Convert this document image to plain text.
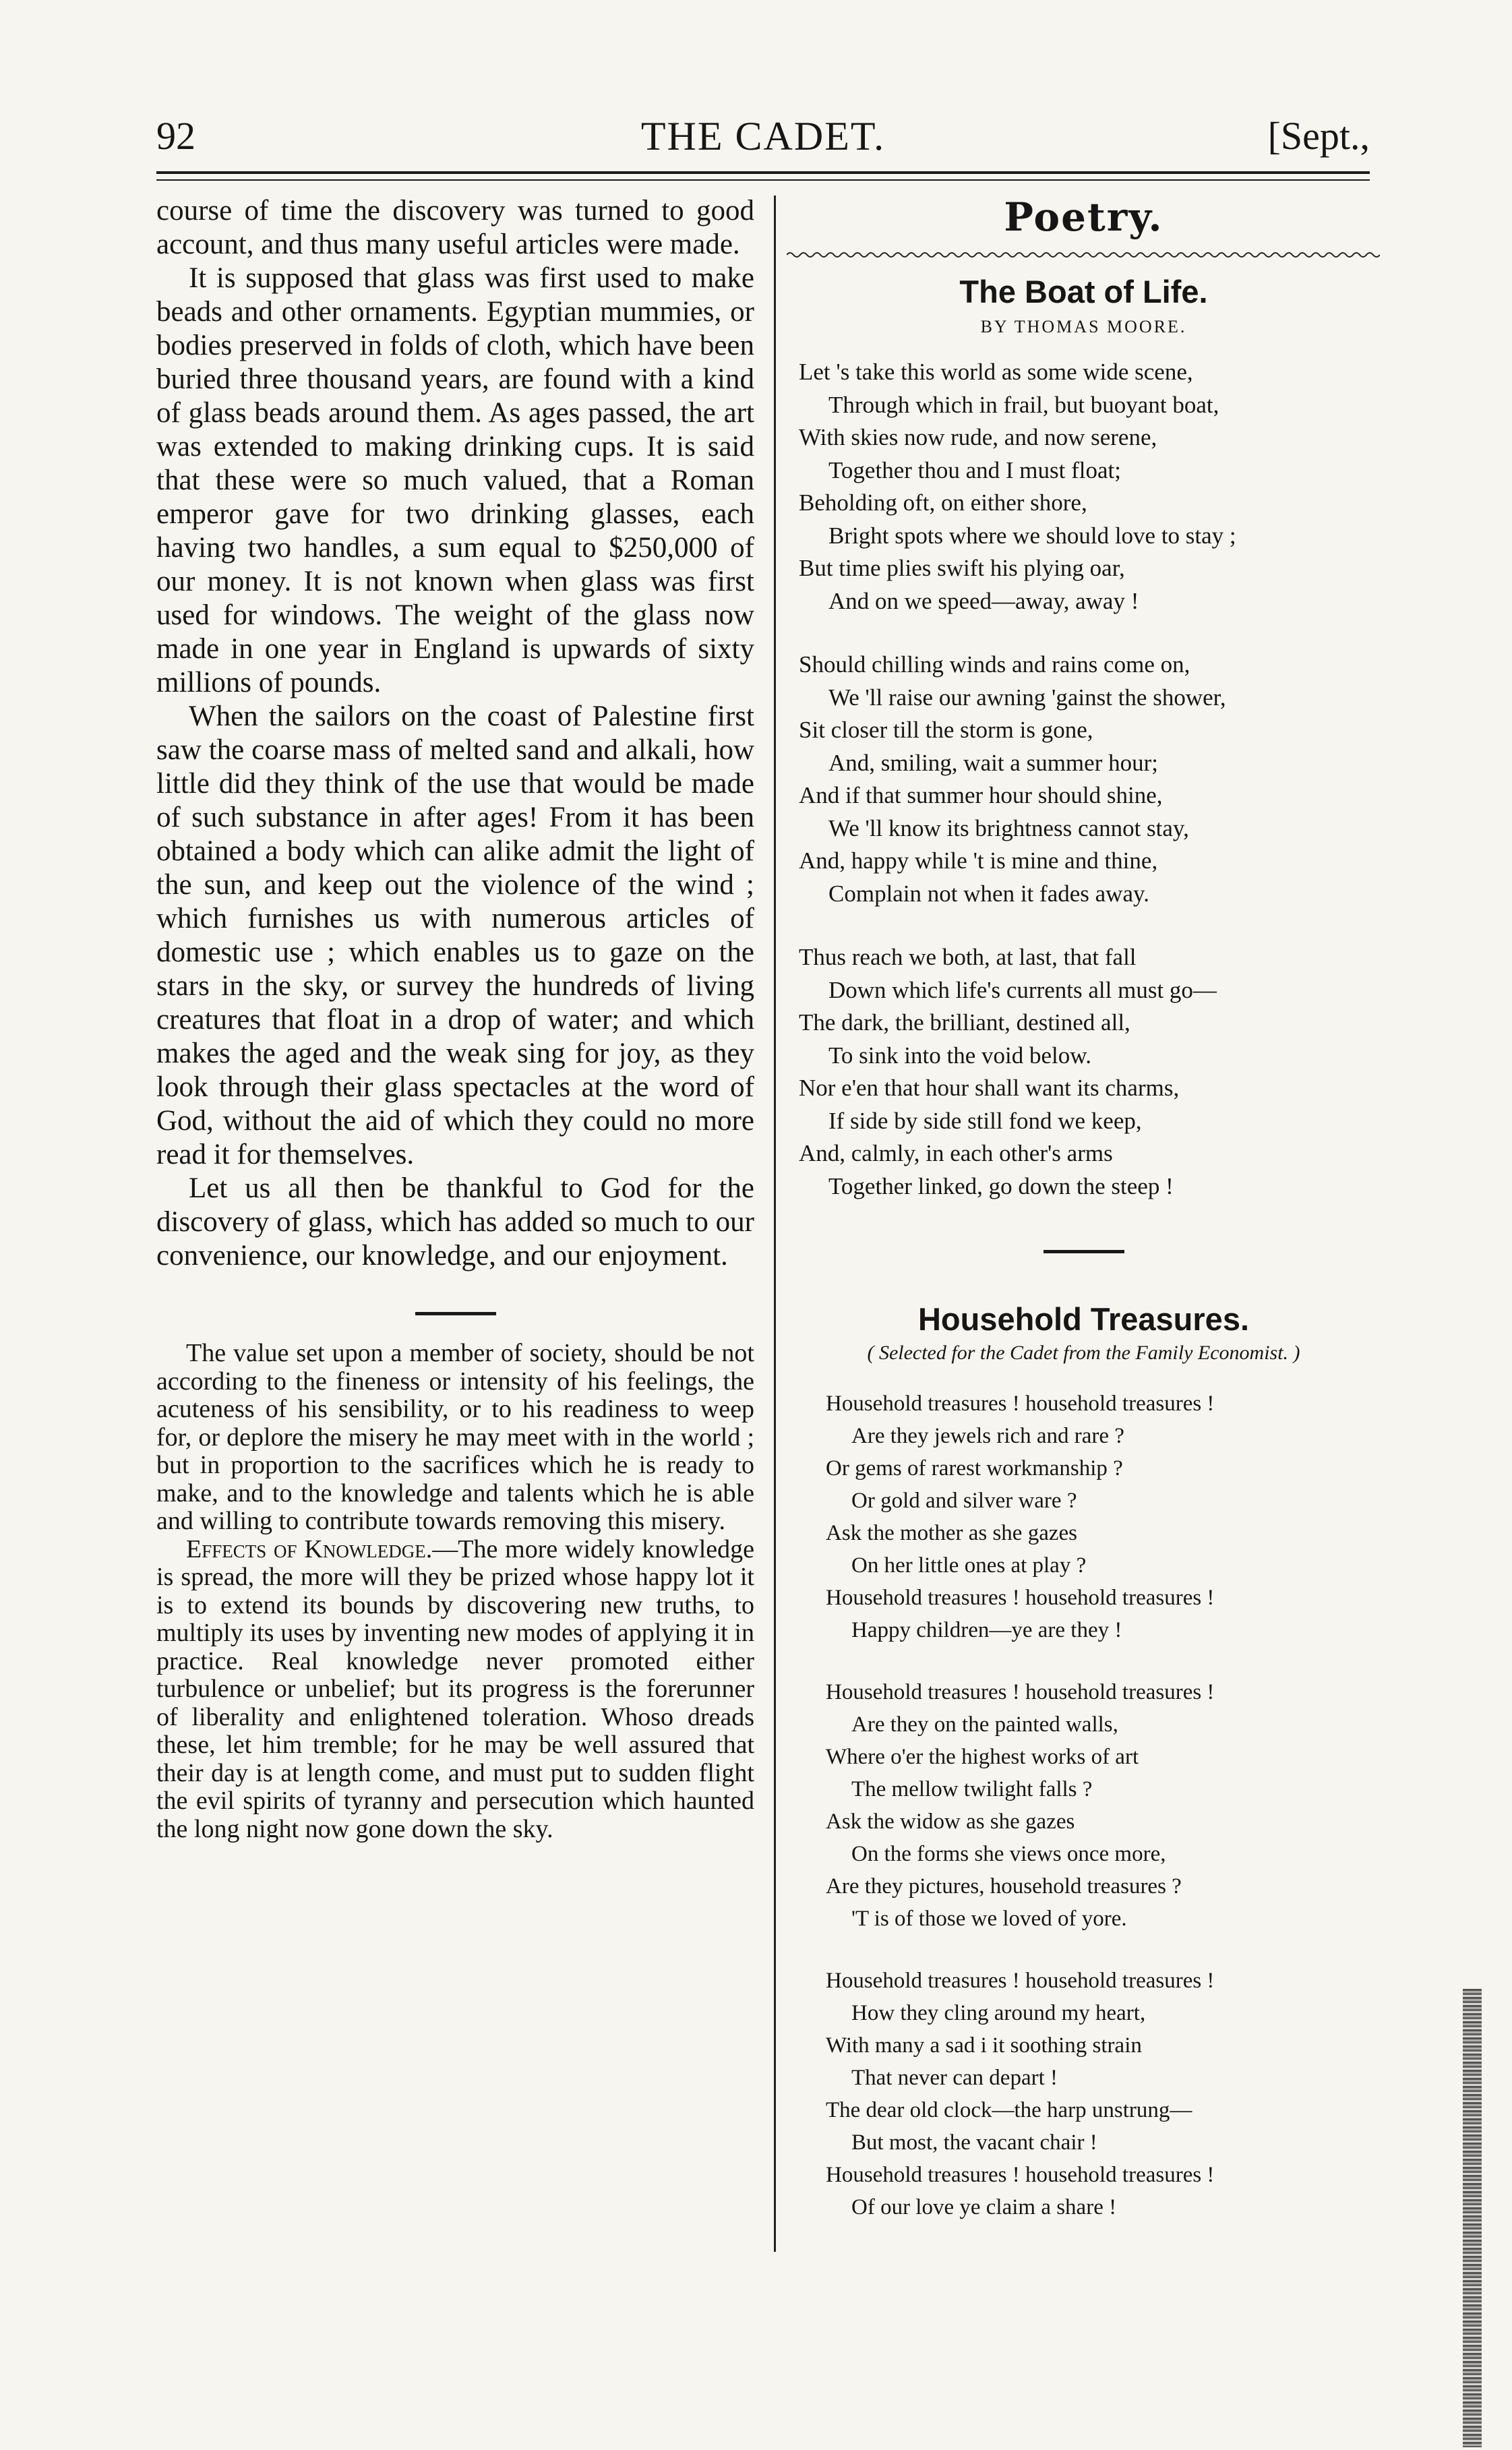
92	THE CADET.	[Sept.,

course of time the discovery was turned to good account, and thus many useful articles were made.

It is supposed that glass was first used to make beads and other ornaments. Egyptian mummies, or bodies preserved in folds of cloth, which have been buried three thousand years, are found with a kind of glass beads around them. As ages passed, the art was extended to making drinking cups. It is said that these were so much valued, that a Roman emperor gave for two drinking glasses, each having two handles, a sum equal to $250,000 of our money. It is not known when glass was first used for windows. The weight of the glass now made in one year in England is upwards of sixty millions of pounds.

When the sailors on the coast of Palestine first saw the coarse mass of melted sand and alkali, how little did they think of the use that would be made of such substance in after ages! From it has been obtained a body which can alike admit the light of the sun, and keep out the violence of the wind ; which furnishes us with numerous articles of domestic use ; which enables us to gaze on the stars in the sky, or survey the hundreds of living creatures that float in a drop of water; and which makes the aged and the weak sing for joy, as they look through their glass spectacles at the word of God, without the aid of which they could no more read it for themselves.

Let us all then be thankful to God for the discovery of glass, which has added so much to our convenience, our knowledge, and our enjoyment.

The value set upon a member of society, should be not according to the fineness or intensity of his feelings, the acuteness of his sensibility, or to his readiness to weep for, or deplore the misery he may meet with in the world ; but in proportion to the sacrifices which he is ready to make, and to the knowledge and talents which he is able and willing to contribute towards removing this misery.

Effects of Knowledge.—The more widely knowledge is spread, the more will they be prized whose happy lot it is to extend its bounds by discovering new truths, to multiply its uses by inventing new modes of applying it in practice. Real knowledge never promoted either turbulence or unbelief; but its progress is the forerunner of liberality and enlightened toleration. Whoso dreads these, let him tremble; for he may be well assured that their day is at length come, and must put to sudden flight the evil spirits of tyranny and persecution which haunted the long night now gone down the sky.

Poetry.
The Boat of Life.
BY THOMAS MOORE.
Let 's take this world as some wide scene,
Through which in frail, but buoyant boat,
With skies now rude, and now serene,
Together thou and I must float;
Beholding oft, on either shore,
Bright spots where we should love to stay ;
But time plies swift his plying oar,
And on we speed—away, away !
Should chilling winds and rains come on,
We 'll raise our awning 'gainst the shower,
Sit closer till the storm is gone,
And, smiling, wait a summer hour;
And if that summer hour should shine,
We 'll know its brightness cannot stay,
And, happy while 't is mine and thine,
Complain not when it fades away.
Thus reach we both, at last, that fall
Down which life's currents all must go—
The dark, the brilliant, destined all,
To sink into the void below.
Nor e'en that hour shall want its charms,
If side by side still fond we keep,
And, calmly, in each other's arms
Together linked, go down the steep !
Household Treasures.
( Selected for the Cadet from the Family Economist. )
Household treasures ! household treasures !
Are they jewels rich and rare ?
Or gems of rarest workmanship ?
Or gold and silver ware ?
Ask the mother as she gazes
On her little ones at play ?
Household treasures ! household treasures !
Happy children—ye are they !
Household treasures ! household treasures !
Are they on the painted walls,
Where o'er the highest works of art
The mellow twilight falls ?
Ask the widow as she gazes
On the forms she views once more,
Are they pictures, household treasures ?
'T is of those we loved of yore.
Household treasures ! household treasures !
How they cling around my heart,
With many a sad i it soothing strain
That never can depart !
The dear old clock—the harp unstrung—
But most, the vacant chair !
Household treasures ! household treasures !
Of our love ye claim a share !
